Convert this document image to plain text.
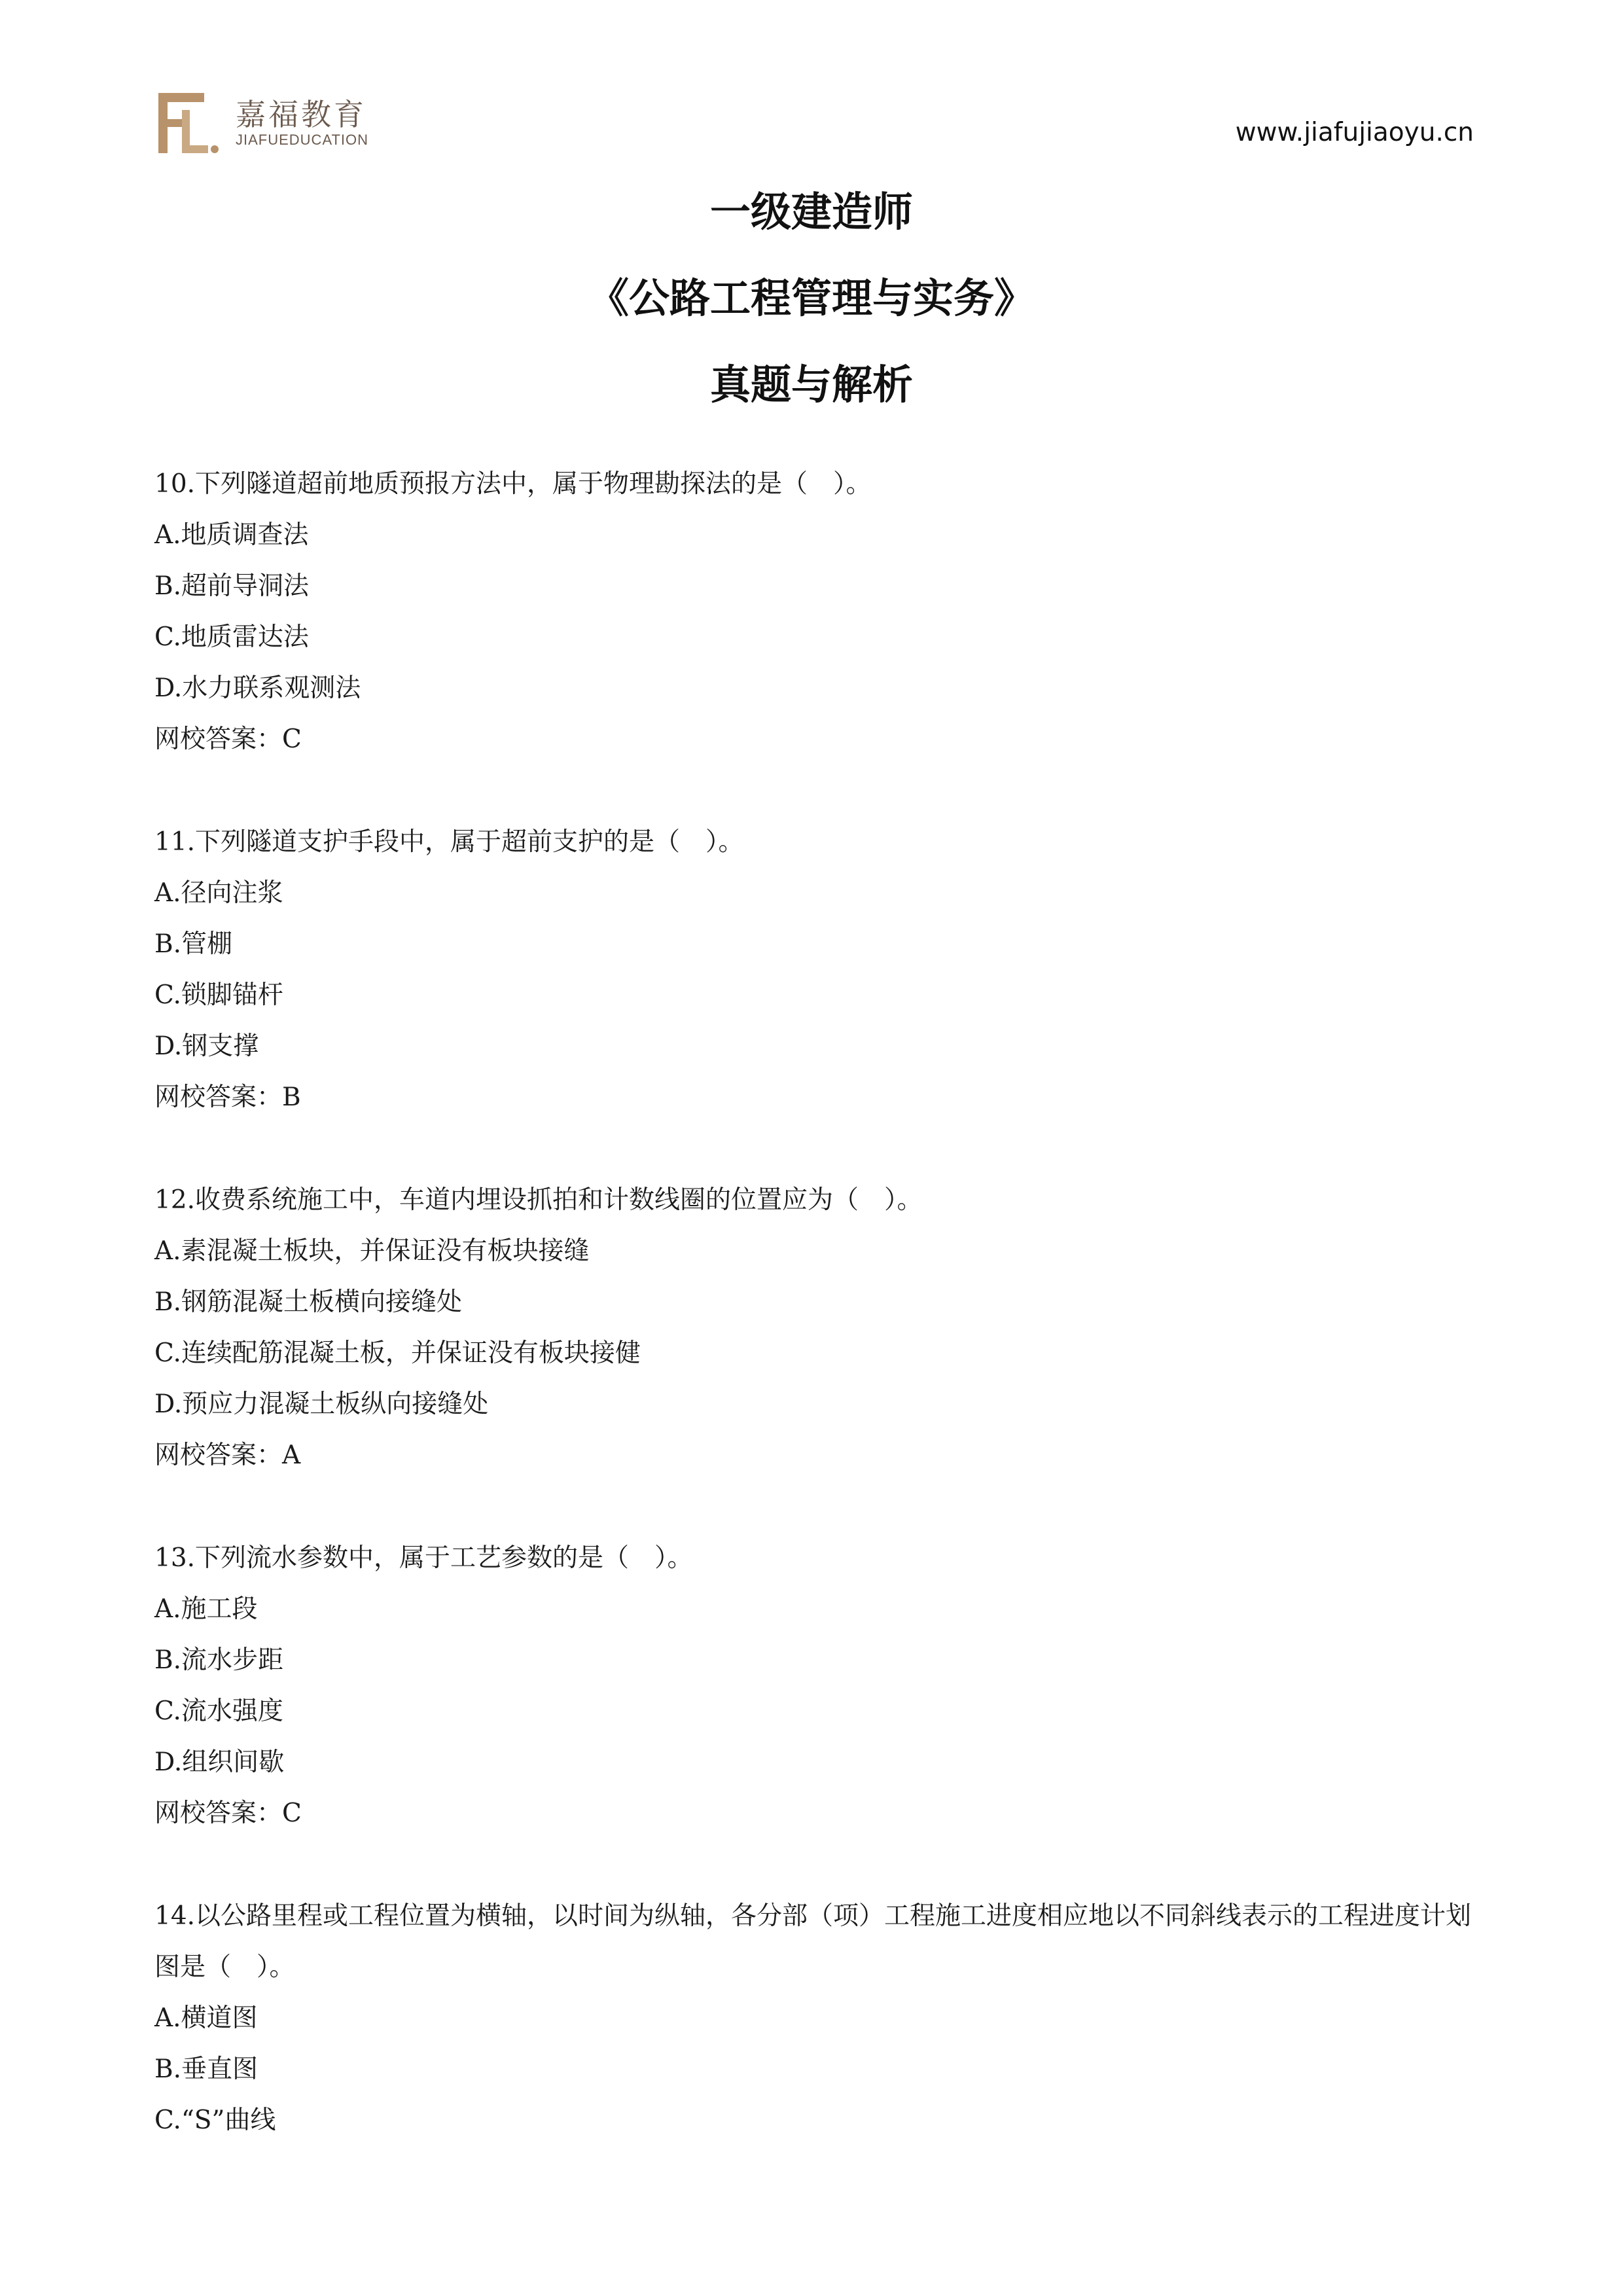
嘉福教育
JIAFUEDUCATION	www.jiafujiaoyu.cn
一级建造师
《公路工程管理与实务》
真题与解析
10.下列隧道超前地质预报方法中，属于物理勘探法的是（　）。
A.地质调查法
B.超前导洞法
C.地质雷达法
D.水力联系观测法
网校答案：C
11.下列隧道支护手段中，属于超前支护的是（　）。
A.径向注浆
B.管棚
C.锁脚锚杆
D.钢支撑
网校答案：B
12.收费系统施工中，车道内埋设抓拍和计数线圈的位置应为（　）。
A.素混凝土板块，并保证没有板块接缝
B.钢筋混凝土板横向接缝处
C.连续配筋混凝土板，并保证没有板块接健
D.预应力混凝土板纵向接缝处
网校答案：A
13.下列流水参数中，属于工艺参数的是（　）。
A.施工段
B.流水步距
C.流水强度
D.组织间歇
网校答案：C
14.以公路里程或工程位置为横轴，以时间为纵轴，各分部（项）工程施工进度相应地以不同斜线表示的工程进度计划图是（　）。
A.横道图
B.垂直图
C.“S”曲线
